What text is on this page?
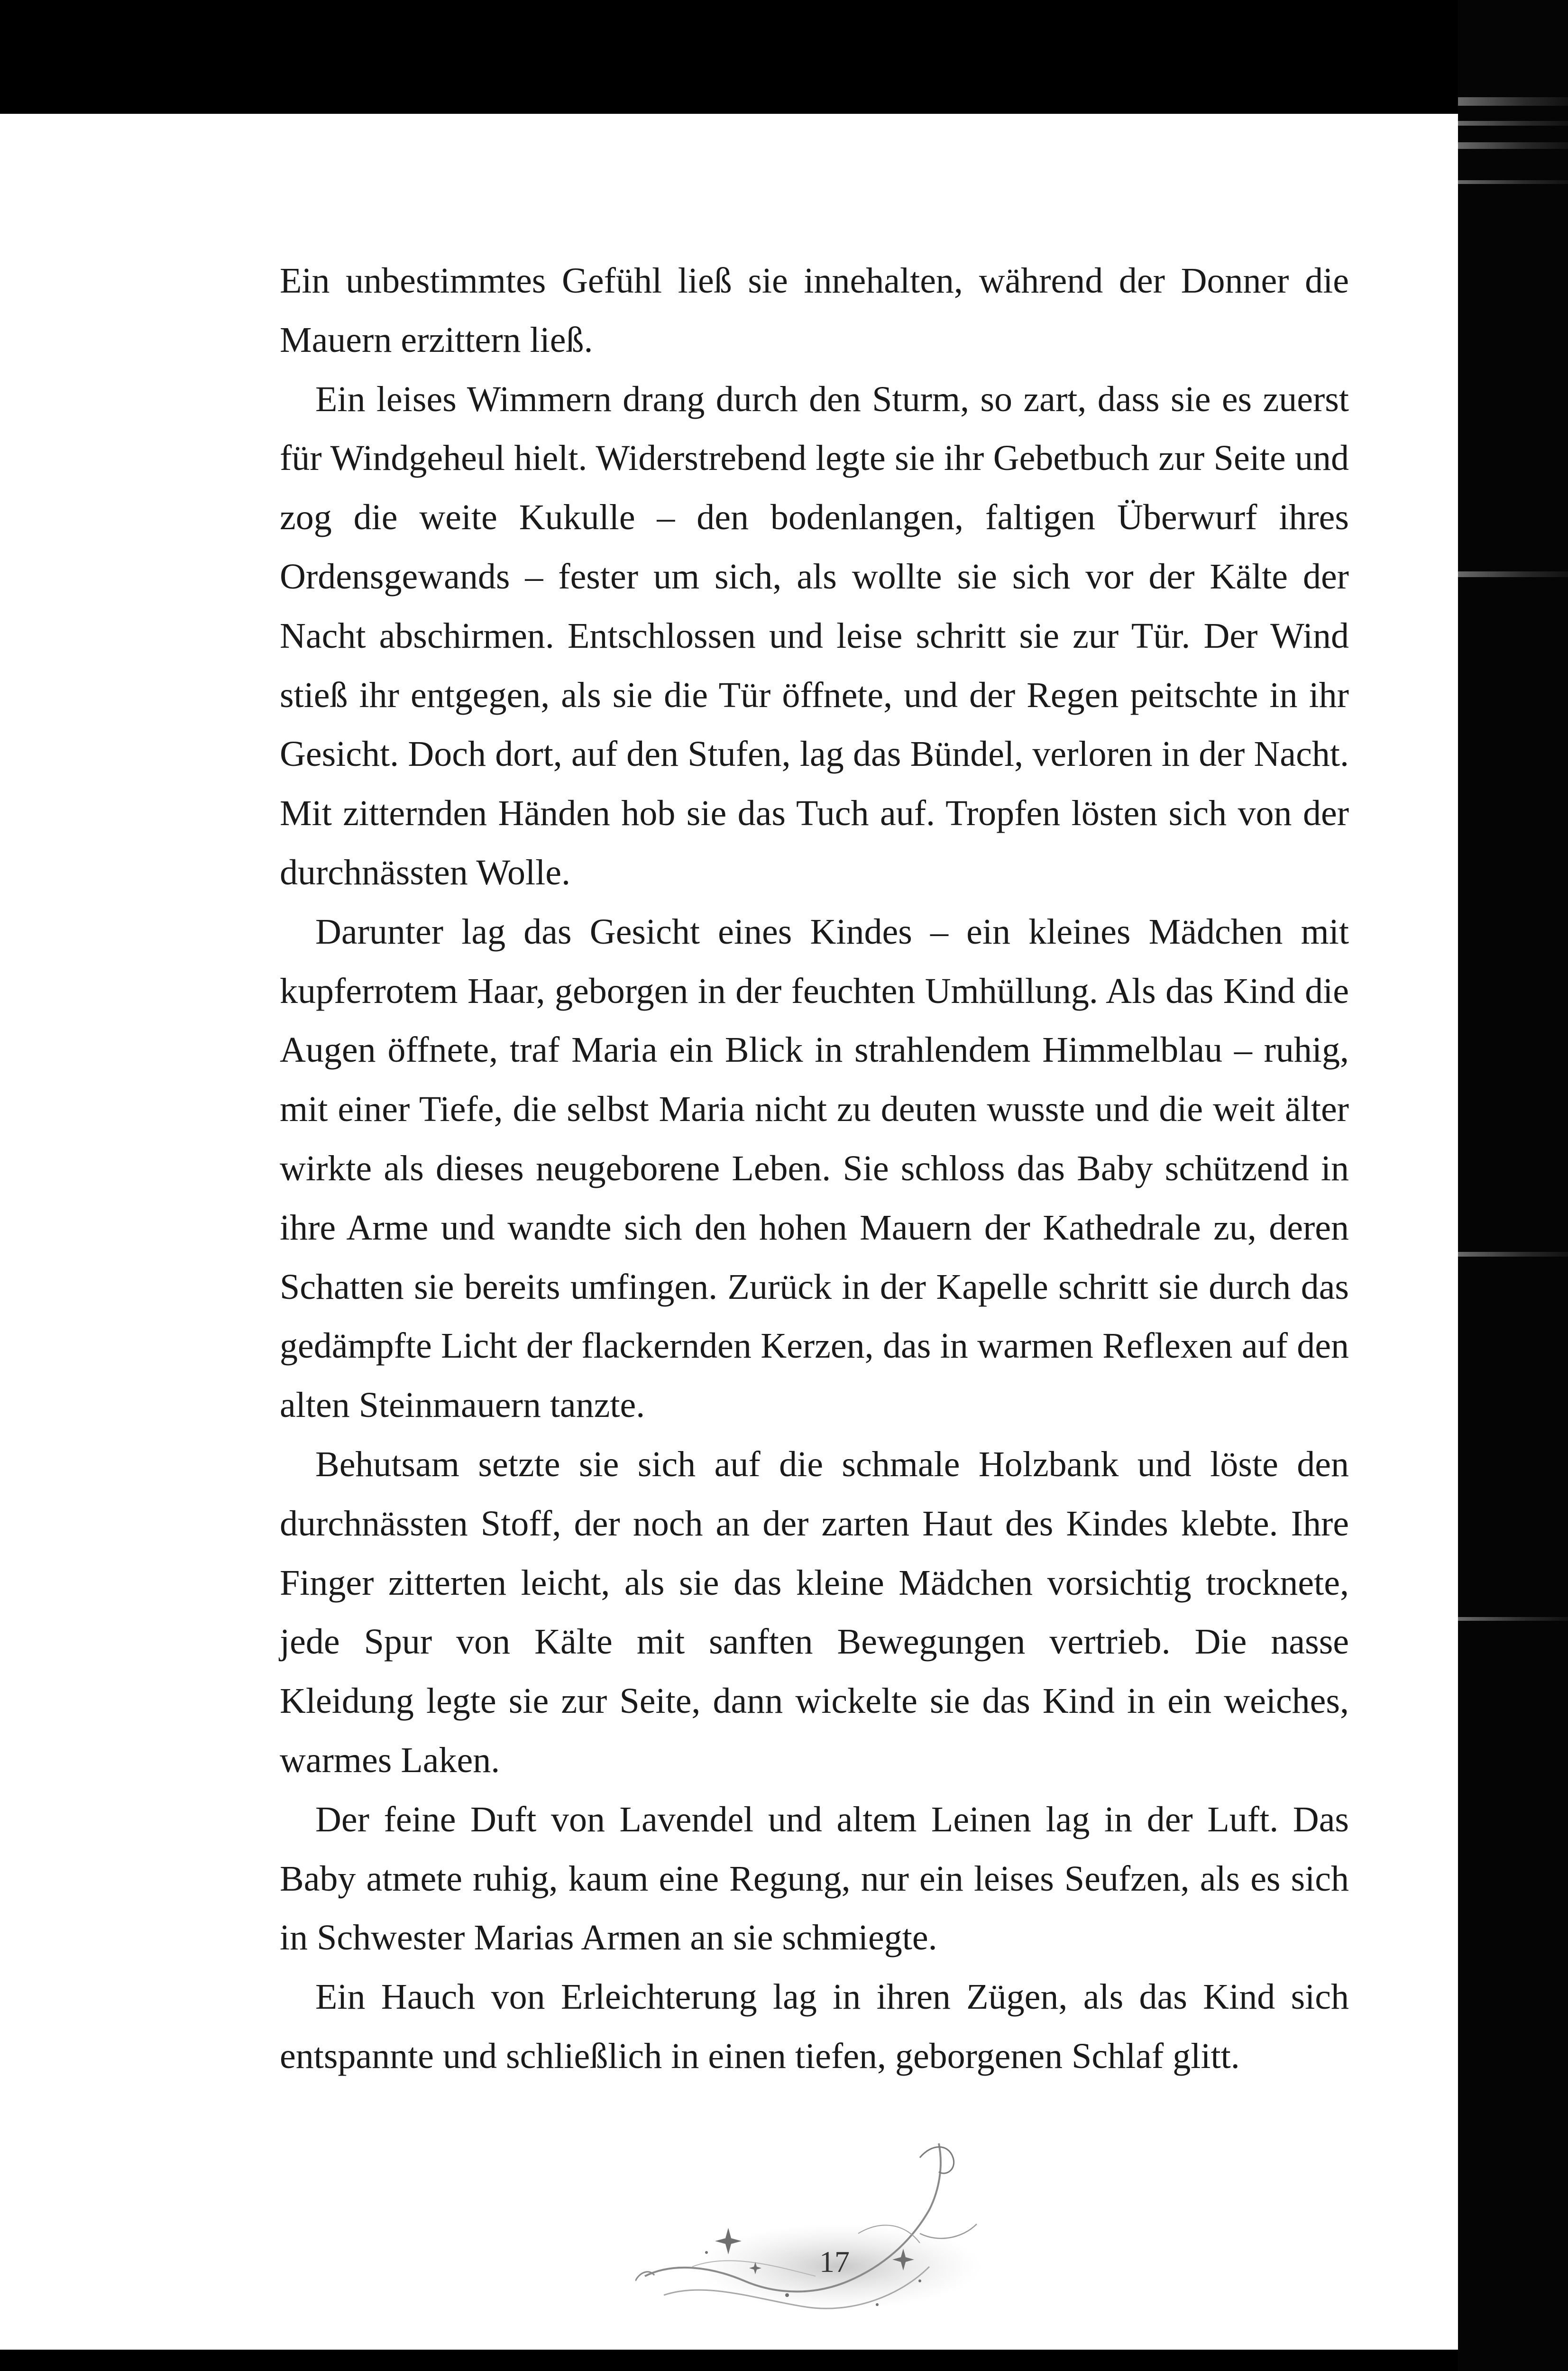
Ein unbestimmtes Gefühl ließ sie innehalten, während der Donner die Mauern erzittern ließ.

Ein leises Wimmern drang durch den Sturm, so zart, dass sie es zuerst für Windgeheul hielt. Widerstrebend legte sie ihr Gebetbuch zur Seite und zog die weite Kukulle – den bodenlangen, faltigen Überwurf ihres Ordensgewands – fester um sich, als wollte sie sich vor der Kälte der Nacht abschirmen. Entschlossen und leise schritt sie zur Tür. Der Wind stieß ihr entgegen, als sie die Tür öffnete, und der Regen peitschte in ihr Gesicht. Doch dort, auf den Stufen, lag das Bündel, verloren in der Nacht. Mit zitternden Händen hob sie das Tuch auf. Tropfen lösten sich von der durchnässten Wolle.

Darunter lag das Gesicht eines Kindes – ein kleines Mädchen mit kupferrotem Haar, geborgen in der feuchten Umhüllung. Als das Kind die Augen öffnete, traf Maria ein Blick in strahlendem Himmelblau – ruhig, mit einer Tiefe, die selbst Maria nicht zu deuten wusste und die weit älter wirkte als dieses neugeborene Leben. Sie schloss das Baby schützend in ihre Arme und wandte sich den hohen Mauern der Kathedrale zu, deren Schatten sie bereits umfingen. Zurück in der Kapelle schritt sie durch das gedämpfte Licht der flackernden Kerzen, das in warmen Reflexen auf den alten Steinmauern tanzte.

Behutsam setzte sie sich auf die schmale Holzbank und löste den durchnässten Stoff, der noch an der zarten Haut des Kindes klebte. Ihre Finger zitterten leicht, als sie das kleine Mädchen vorsichtig trocknete, jede Spur von Kälte mit sanften Bewegungen vertrieb. Die nasse Kleidung legte sie zur Seite, dann wickelte sie das Kind in ein weiches, warmes Laken.

Der feine Duft von Lavendel und altem Leinen lag in der Luft. Das Baby atmete ruhig, kaum eine Regung, nur ein leises Seufzen, als es sich in Schwester Marias Armen an sie schmiegte.

Ein Hauch von Erleichterung lag in ihren Zügen, als das Kind sich entspannte und schließlich in einen tiefen, geborgenen Schlaf glitt.

17
